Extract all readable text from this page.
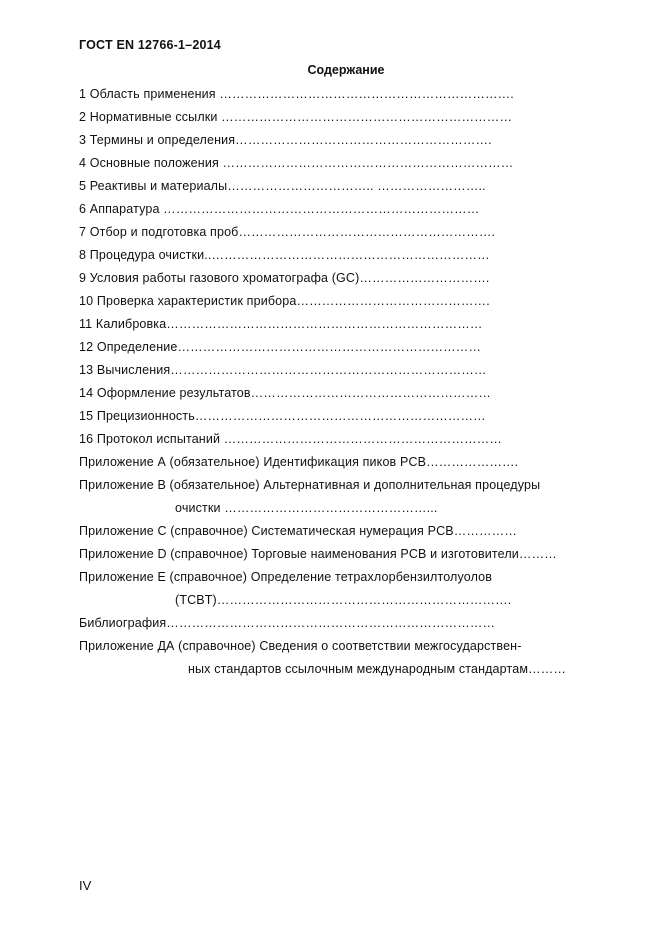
ГОСТ EN 12766-1–2014
Содержание
1 Область применения …………………………………………………………….
2 Нормативные ссылки ……………………………………………………………
3 Термины и определения…………………………………………………….
4 Основные положения ……………………………………………………………
5 Реактивы и материалы…………………………….. ……………………..
6 Аппаратура …………………………………………………………………
7 Отбор и подготовка проб…………………………………………………….
8 Процедура очистки..…………………………………………………………
9 Условия работы газового хроматографа (GC)………………………….
10 Проверка характеристик прибора……………………………………….
11 Калибровка…………………………………………………………………
12 Определение………………………………………………………………
13 Вычисления…………………………………………………………………
14 Оформление результатов…………………………………………………
15 Прецизионность……………………………………………………………
16 Протокол испытаний …………………………………………………………
Приложение А (обязательное) Идентификация пиков PCB………………….
Приложение В (обязательное) Альтернативная и дополнительная процедуры
очистки …………………………………………...
Приложение С (справочное) Систематическая нумерация PCB……………
Приложение D (справочное) Торговые наименования PCB и изготовители………
Приложение E (справочное) Определение тетрахлорбензилтолуолов
(TCBT)…………………………………………………………….
Библиография……………………………………………………………………
Приложение ДА (справочное) Сведения о соответствии межгосударствен-
ных стандартов ссылочным международным стандартам………
IV
